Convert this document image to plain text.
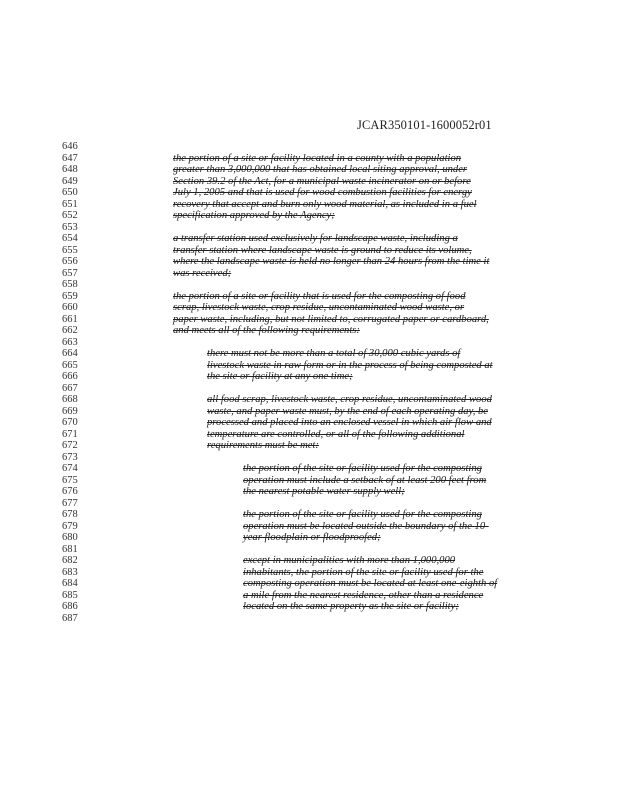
JCAR350101-1600052r01
646
647
648
649
650
651
652
653
654
655
656
657
658
659
660
661
662
663
664
665
666
667
668
669
670
671
672
673
674
675
676
677
678
679
680
681
682
683
684
685
686
687
the portion of a site or facility located in a county with a population
greater than 3,000,000 that has obtained local siting approval, under
Section 39.2 of the Act, for a municipal waste incinerator on or before
July 1, 2005 and that is used for wood combustion facilities for energy
recovery that accept and burn only wood material, as included in a fuel
specification approved by the Agency;
a transfer station used exclusively for landscape waste, including a
transfer station where landscape waste is ground to reduce its volume,
where the landscape waste is held no longer than 24 hours from the time it
was received;
the portion of a site or facility that is used for the composting of food
scrap, livestock waste, crop residue, uncontaminated wood waste, or
paper waste, including, but not limited to, corrugated paper or cardboard,
and meets all of the following requirements:
there must not be more than a total of 30,000 cubic yards of
livestock waste in raw form or in the process of being composted at
the site or facility at any one time;
all food scrap, livestock waste, crop residue, uncontaminated wood
waste, and paper waste must, by the end of each operating day, be
processed and placed into an enclosed vessel in which air flow and
temperature are controlled, or all of the following additional
requirements must be met:
the portion of the site or facility used for the composting
operation must include a setback of at least 200 feet from
the nearest potable water supply well;
the portion of the site or facility used for the composting
operation must be located outside the boundary of the 10-
year floodplain or floodproofed;
except in municipalities with more than 1,000,000
inhabitants, the portion of the site or facility used for the
composting operation must be located at least one-eighth of
a mile from the nearest residence, other than a residence
located on the same property as the site or facility;
